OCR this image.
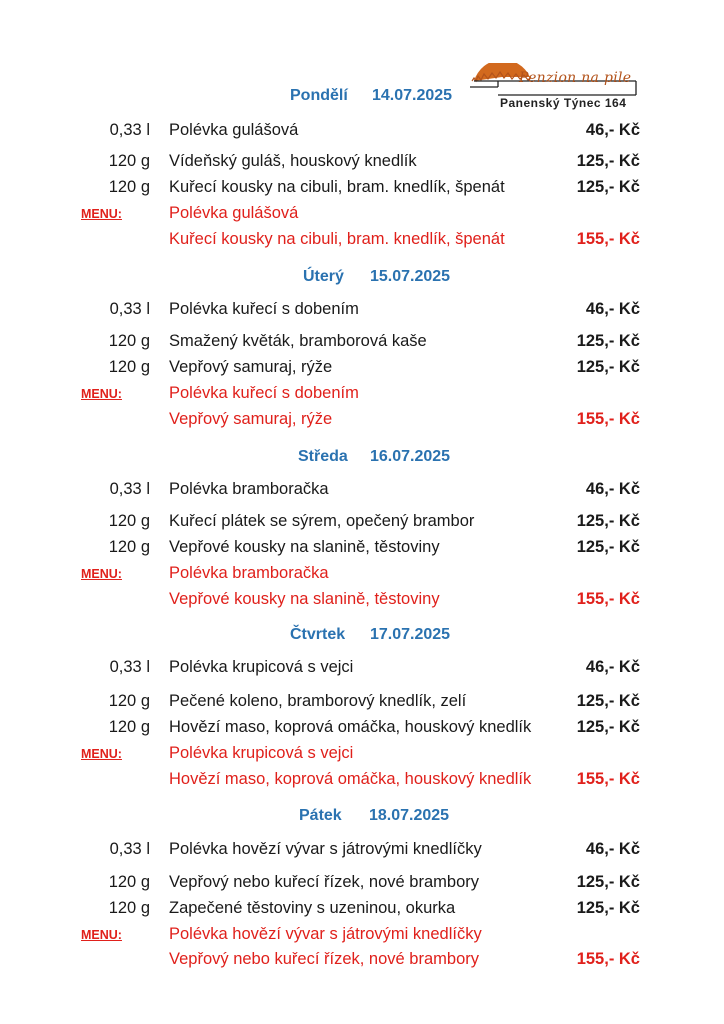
Penzion na pile
Panenský Týnec 164
Pondělí 14.07.2025
0,33 l Polévka gulášová	46,- Kč
120 g Vídeňský guláš, houskový knedlík	125,- Kč
120 g Kuřecí kousky na cibuli, bram. knedlík, špenát	125,- Kč
MENU:	Polévka gulášová
Kuřecí kousky na cibuli, bram. knedlík, špenát	155,- Kč
Úterý 15.07.2025
0,33 l Polévka kuřecí s dobením	46,- Kč
120 g Smažený květák, bramborová kaše	125,- Kč
120 g Vepřový samuraj, rýže	125,- Kč
MENU:	Polévka kuřecí s dobením
Vepřový samuraj, rýže	155,- Kč
Středa 16.07.2025
0,33 l Polévka bramboračka	46,- Kč
120 g Kuřecí plátek se sýrem, opečený brambor	125,- Kč
120 g Vepřové kousky na slanině, těstoviny	125,- Kč
MENU:	Polévka bramboračka
Vepřové kousky na slanině, těstoviny	155,- Kč
Čtvrtek 17.07.2025
0,33 l Polévka krupicová s vejci	46,- Kč
120 g Pečené koleno, bramborový knedlík, zelí	125,- Kč
120 g Hovězí maso, koprová omáčka, houskový knedlík	125,- Kč
MENU:	Polévka krupicová s vejci
Hovězí maso, koprová omáčka, houskový knedlík	155,- Kč
Pátek 18.07.2025
0,33 l Polévka hovězí vývar s játrovými knedlíčky	46,- Kč
120 g Vepřový nebo kuřecí řízek, nové brambory	125,- Kč
120 g Zapečené těstoviny s uzeninou, okurka	125,- Kč
MENU:	Polévka hovězí vývar s játrovými knedlíčky
Vepřový nebo kuřecí řízek, nové brambory	155,- Kč
